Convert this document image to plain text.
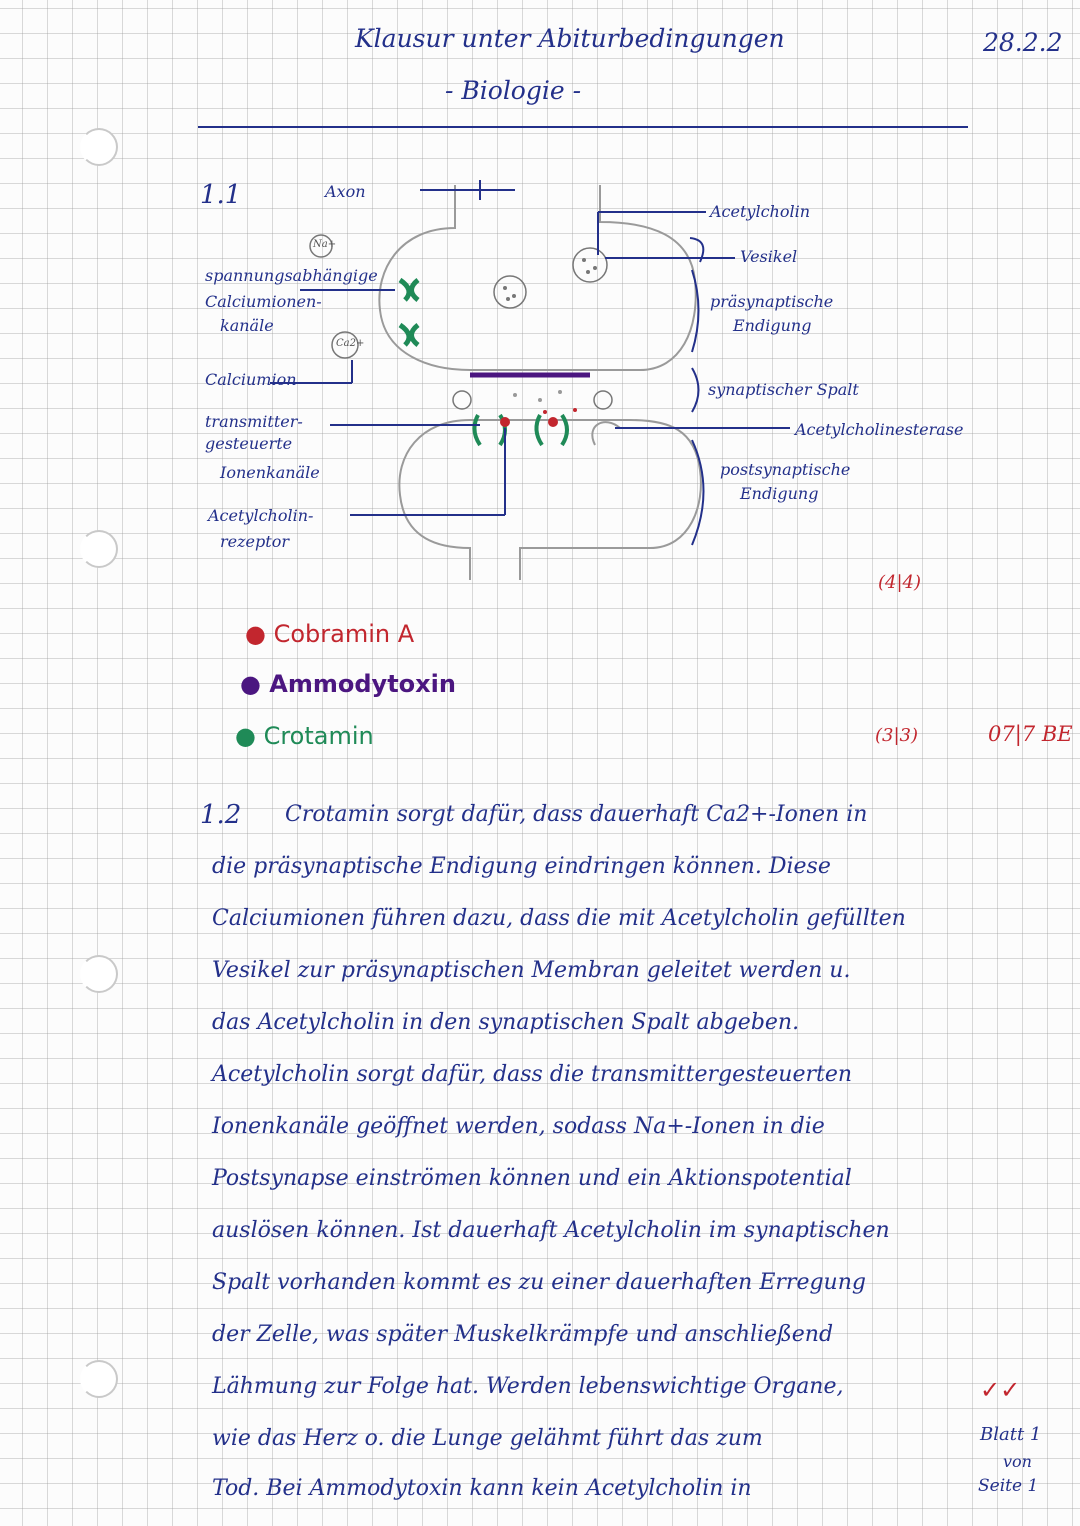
Klausur unter Abiturbedingungen
- Biologie -
28.2.2
1.1	Axon
Na+
Ca2+
spannungsabhängige
Calciumionen-
kanäle
Calciumion
transmitter-
gesteuerte
Ionenkanäle
Acetylcholin-
rezeptor
Acetylcholin
Vesikel
präsynaptische
Endigung
synaptischer Spalt
Acetylcholinesterase
postsynaptische
Endigung
(4|4)
● Cobramin A
● Ammodytoxin
● Crotamin	(3|3)	07|7 BE
1.2 Crotamin sorgt dafür, dass dauerhaft Ca2+-Ionen in
die präsynaptische Endigung eindringen können. Diese
Calciumionen führen dazu, dass die mit Acetylcholin gefüllten
Vesikel zur präsynaptischen Membran geleitet werden u.
das Acetylcholin in den synaptischen Spalt abgeben.
Acetylcholin sorgt dafür, dass die transmittergesteuerten
Ionenkanäle geöffnet werden, sodass Na+-Ionen in die
Postsynapse einströmen können und ein Aktionspotential
auslösen können. Ist dauerhaft Acetylcholin im synaptischen
Spalt vorhanden kommt es zu einer dauerhaften Erregung
der Zelle, was später Muskelkrämpfe und anschließend
Lähmung zur Folge hat. Werden lebenswichtige Organe,
wie das Herz o. die Lunge gelähmt führt das zum
Tod. Bei Ammodytoxin kann kein Acetylcholin in
✓✓
Blatt 1
von
Seite 1
